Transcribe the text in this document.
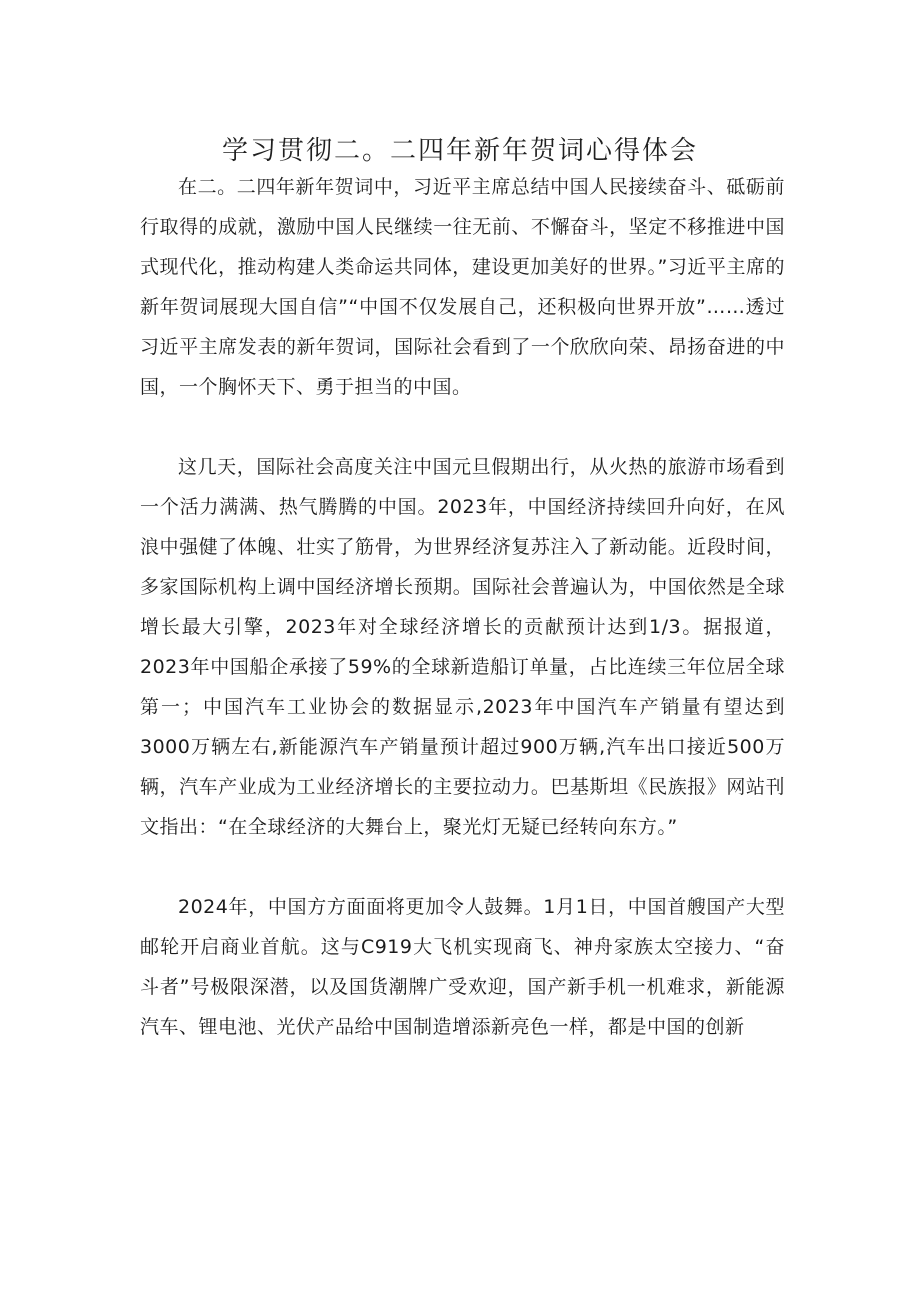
学习贯彻二。二四年新年贺词心得体会

在二。二四年新年贺词中，习近平主席总结中国人民接续奋斗、砥砺前行取得的成就，激励中国人民继续一往无前、不懈奋斗，坚定不移推进中国式现代化，推动构建人类命运共同体，建设更加美好的世界。”习近平主席的新年贺词展现大国自信”“中国不仅发展自己，还积极向世界开放”……透过习近平主席发表的新年贺词，国际社会看到了一个欣欣向荣、昂扬奋进的中国，一个胸怀天下、勇于担当的中国。

这几天，国际社会高度关注中国元旦假期出行，从火热的旅游市场看到一个活力满满、热气腾腾的中国。2023年，中国经济持续回升向好，在风浪中强健了体魄、壮实了筋骨，为世界经济复苏注入了新动能。近段时间，多家国际机构上调中国经济增长预期。国际社会普遍认为，中国依然是全球增长最大引擎，2023年对全球经济增长的贡献预计达到1/3。据报道，2023年中国船企承接了59%的全球新造船订单量，占比连续三年位居全球第一；中国汽车工业协会的数据显示,2023年中国汽车产销量有望达到3000万辆左右,新能源汽车产销量预计超过900万辆,汽车出口接近500万辆，汽车产业成为工业经济增长的主要拉动力。巴基斯坦《民族报》网站刊文指出：“在全球经济的大舞台上，聚光灯无疑已经转向东方。”

2024年，中国方方面面将更加令人鼓舞。1月1日，中国首艘国产大型邮轮开启商业首航。这与C919大飞机实现商飞、神舟家族太空接力、“奋斗者”号极限深潜，以及国货潮牌广受欢迎，国产新手机一机难求，新能源汽车、锂电池、光伏产品给中国制造增添新亮色一样，都是中国的创新
